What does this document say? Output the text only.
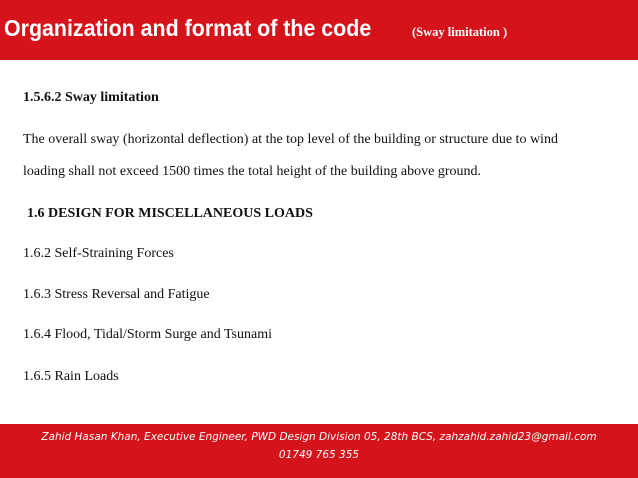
Organization and format of the code	(Sway limitation )
1.5.6.2 Sway limitation
The overall sway (horizontal deflection) at the top level of the building or structure due to wind
loading shall not exceed 1500 times the total height of the building above ground.
1.6 DESIGN FOR MISCELLANEOUS LOADS
1.6.2 Self-Straining Forces
1.6.3 Stress Reversal and Fatigue
1.6.4 Flood, Tidal/Storm Surge and Tsunami
1.6.5 Rain Loads
Zahid Hasan Khan, Executive Engineer, PWD Design Division 05, 28th BCS, zahzahid.zahid23@gmail.com
01749 765 355
